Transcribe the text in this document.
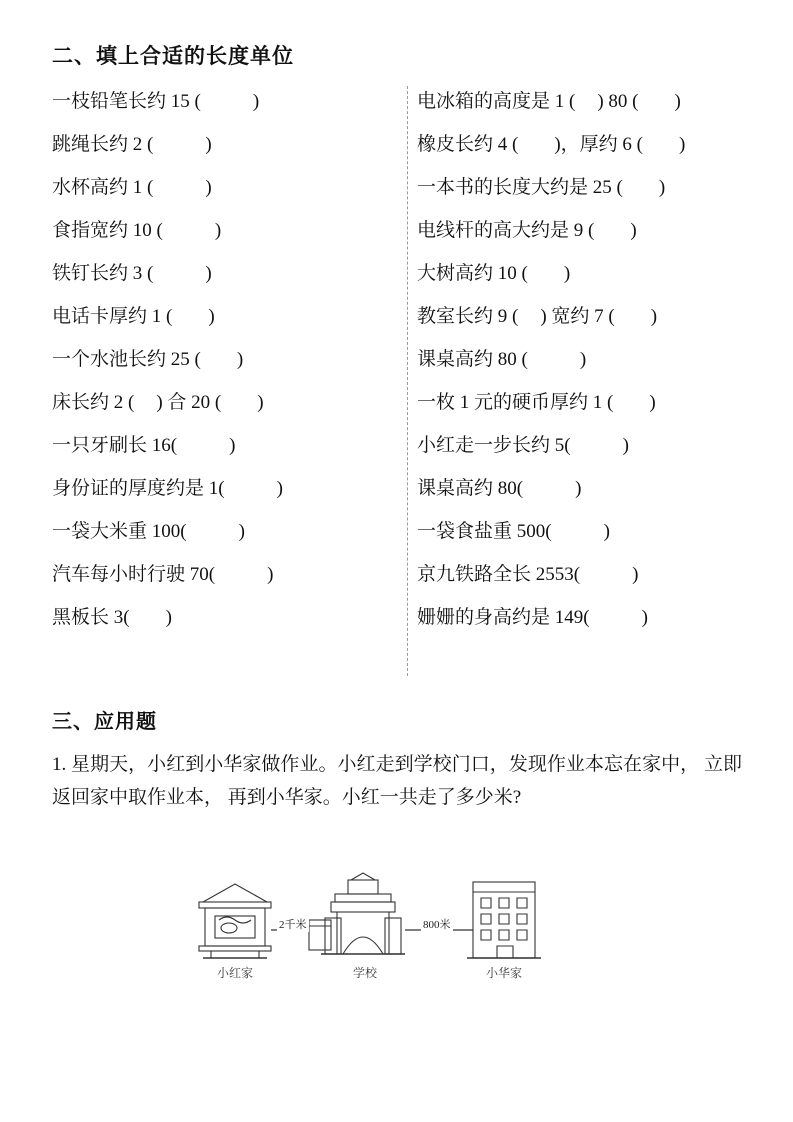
二、填上合适的长度单位
一枝铅笔长约 15 (	)
跳绳长约 2 (	)
水杯高约 1 (	)
食指宽约 10 (	)
铁钉长约 3 (	)
电话卡厚约 1 ( )
一个水池长约 25 ( )
床长约 2 ( ) 合 20 ( )
一只牙刷长 16(	)
身份证的厚度约是 1(	)
一袋大米重 100(	)
汽车每小时行驶 70(	)
黑板长 3( )
电冰箱的高度是 1 ( ) 80 ( )
橡皮长约 4 ( )，厚约 6 ( )
一本书的长度大约是 25 ( )
电线杆的高大约是 9 ( )
大树高约 10 ( )
教室长约 9 ( ) 宽约 7 ( )
课桌高约 80 (	)
一枚 1 元的硬币厚约 1 ( )
小红走一步长约 5(	)
课桌高约 80(	)
一袋食盐重 500(	)
京九铁路全长 2553(	)
姗姗的身高约是 149(	)
三、应用题
1. 星期天，小红到小华家做作业。小红走到学校门口，发现作业本忘在家中， 立即返回家中取作业本， 再到小华家。小红一共走了多少米?
2千米	800米
小红家	学校	小华家
